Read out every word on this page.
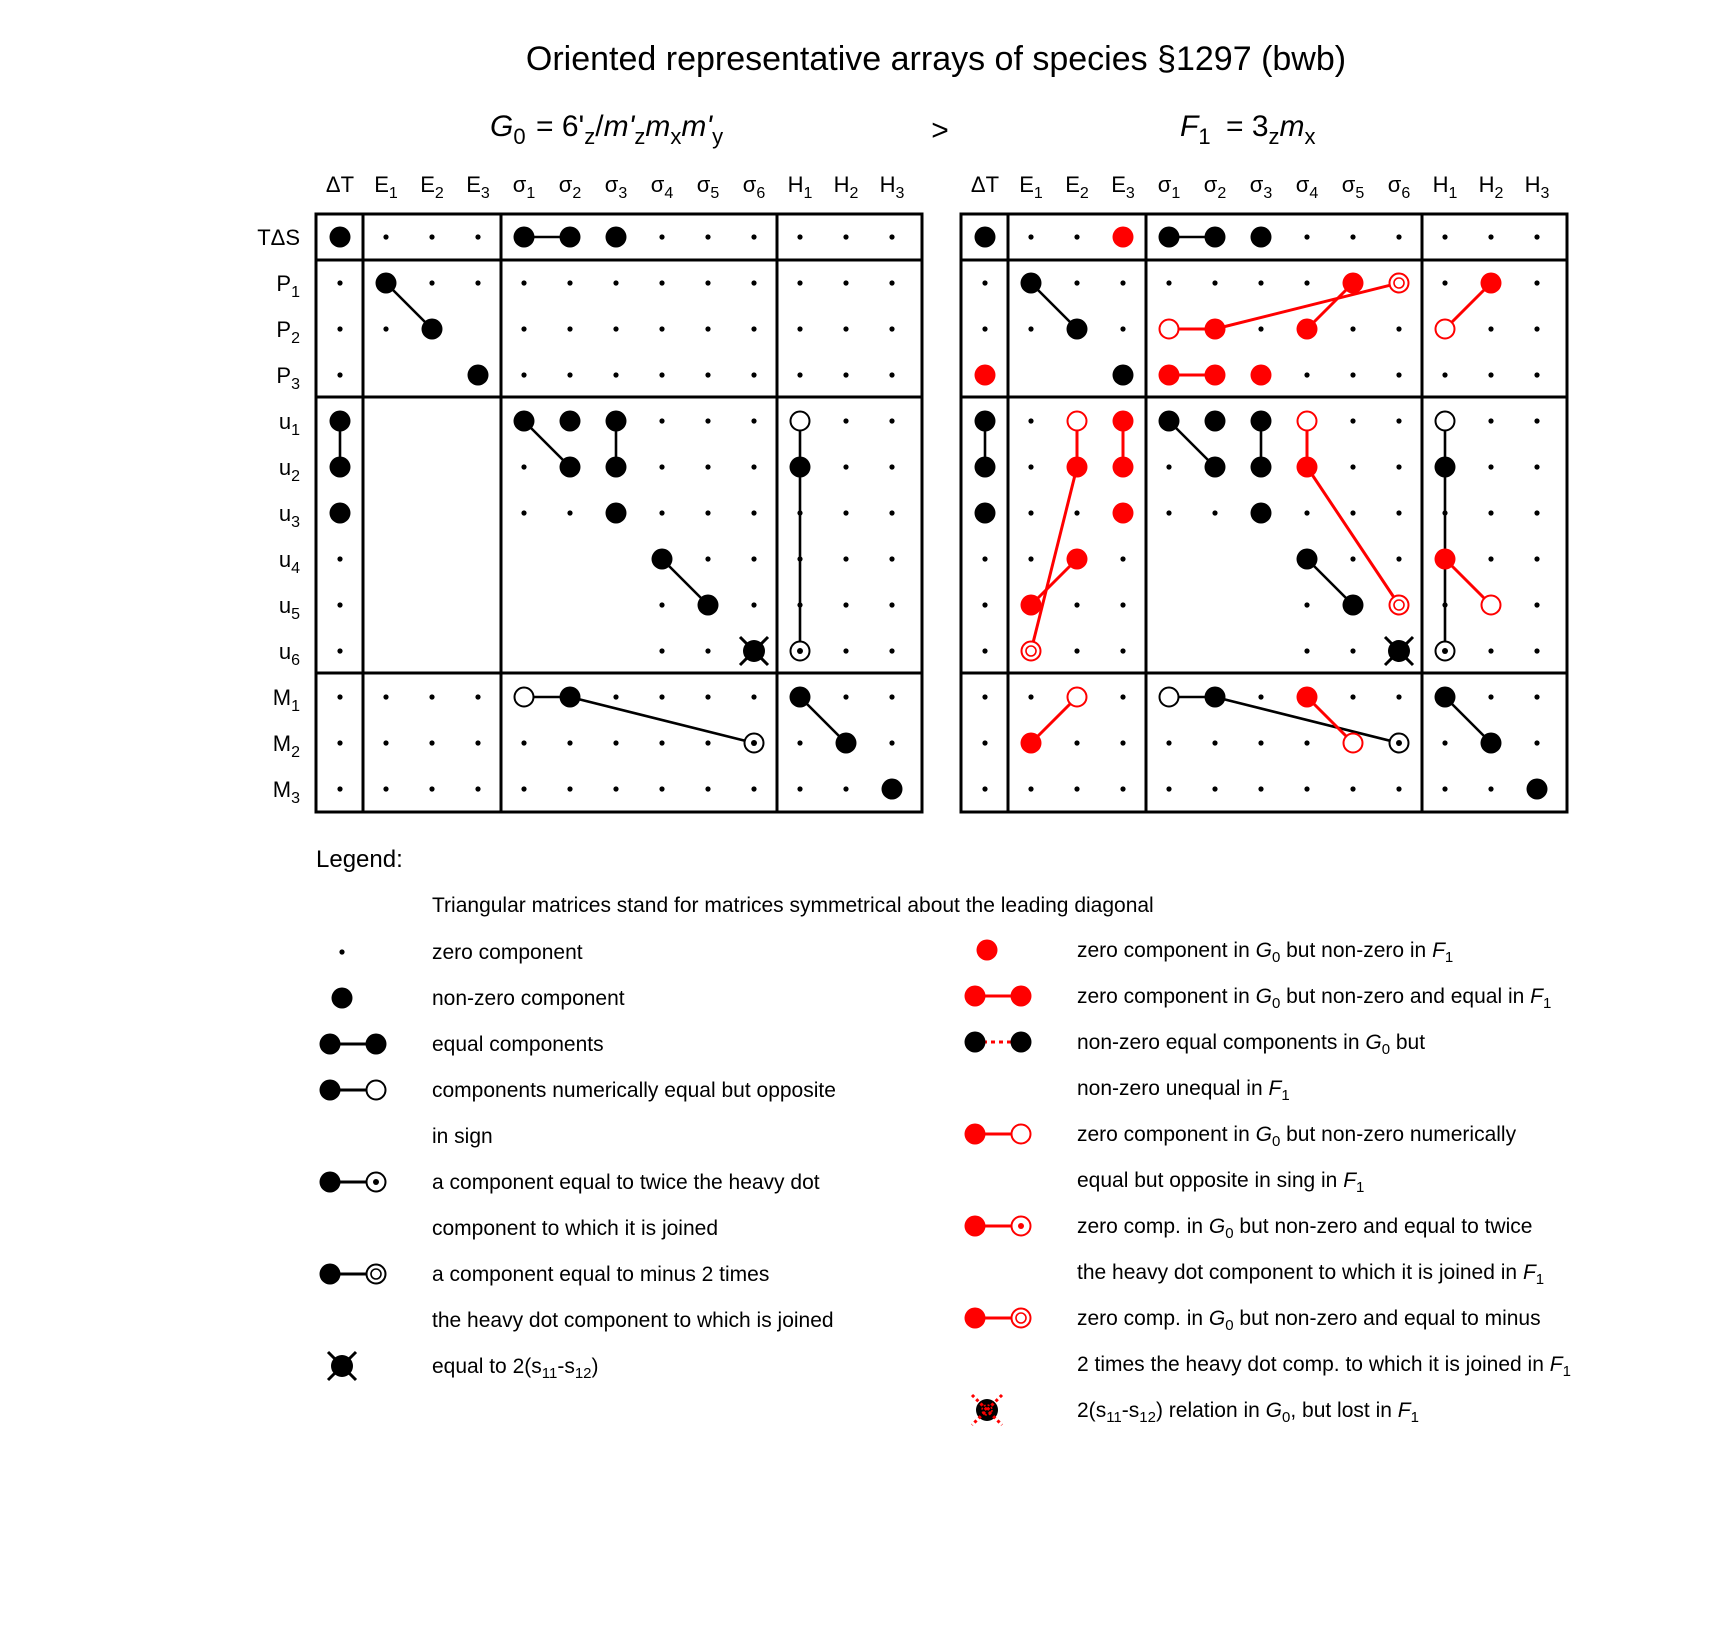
Oriented representative arrays of species §1297 (bwb)
G0 = 6'z/m'zmxm'y	>	F1 = 3zmx
ΔT E1 E2 E3 σ1 σ2 σ3 σ4 σ5 σ6 H1 H2 H3
TΔS
P1
P2
P3
u1
u2
u3
u4
u5
u6
M1
M2
M3
ΔT E1 E2 E3 σ1 σ2 σ3 σ4 σ5 σ6 H1 H2 H3
Legend:
Triangular matrices stand for matrices symmetrical about the leading diagonal
zero component
non-zero component
equal components
components numerically equal but opposite
in sign
a component equal to twice the heavy dot
component to which it is joined
a component equal to minus 2 times
the heavy dot component to which is joined
equal to 2(s11-s12)
zero component in G0 but non-zero in F1
zero component in G0 but non-zero and equal in F1
non-zero equal components in G0 but
non-zero unequal in F1
zero component in G0 but non-zero numerically
equal but opposite in sing in F1
zero comp. in G0 but non-zero and equal to twice
the heavy dot component to which it is joined in F1
zero comp. in G0 but non-zero and equal to minus
2 times the heavy dot comp. to which it is joined in F1
2(s11-s12) relation in G0, but lost in F1
